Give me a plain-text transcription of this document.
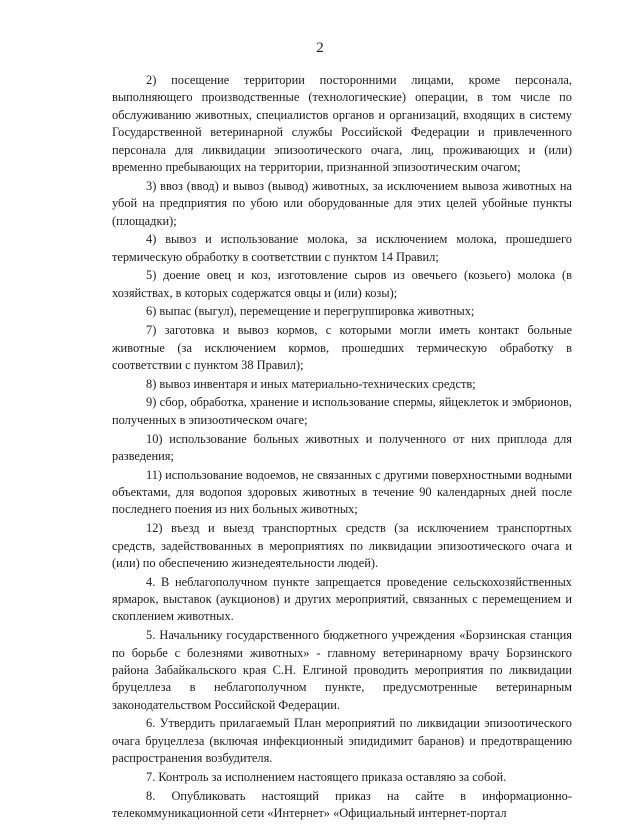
2

2) посещение территории посторонними лицами, кроме персонала, выполняющего производственные (технологические) операции, в том числе по обслуживанию животных, специалистов органов и организаций, входящих в систему Государственной ветеринарной службы Российской Федерации и привлеченного персонала для ликвидации эпизоотического очага, лиц, проживающих и (или) временно пребывающих на территории, признанной эпизоотическим очагом;

3) ввоз (ввод) и вывоз (вывод) животных, за исключением вывоза животных на убой на предприятия по убою или оборудованные для этих целей убойные пункты (площадки);

4) вывоз и использование молока, за исключением молока, прошедшего термическую обработку в соответствии с пунктом 14 Правил;

5) доение овец и коз, изготовление сыров из овечьего (козьего) молока (в хозяйствах, в которых содержатся овцы и (или) козы);

6) выпас (выгул), перемещение и перегруппировка животных;

7) заготовка и вывоз кормов, с которыми могли иметь контакт больные животные (за исключением кормов, прошедших термическую обработку в соответствии с пунктом 38 Правил);

8) вывоз инвентаря и иных материально-технических средств;

9) сбор, обработка, хранение и использование спермы, яйцеклеток и эмбрионов, полученных в эпизоотическом очаге;

10) использование больных животных и полученного от них приплода для разведения;

11) использование водоемов, не связанных с другими поверхностными водными объектами, для водопоя здоровых животных в течение 90 календарных дней после последнего поения из них больных животных;

12) въезд и выезд транспортных средств (за исключением транспортных средств, задействованных в мероприятиях по ликвидации эпизоотического очага и (или) по обеспечению жизнедеятельности людей).

4. В неблагополучном пункте запрещается проведение сельскохозяйственных ярмарок, выставок (аукционов) и других мероприятий, связанных с перемещением и скоплением животных.

5. Начальнику государственного бюджетного учреждения «Борзинская станция по борьбе с болезнями животных» - главному ветеринарному врачу Борзинского района Забайкальского края С.Н. Елгиной проводить мероприятия по ликвидации бруцеллеза в неблагополучном пункте, предусмотренные ветеринарным законодательством Российской Федерации.

6. Утвердить прилагаемый План мероприятий по ликвидации эпизоотического очага бруцеллеза (включая инфекционный эпидидимит баранов) и предотвращению распространения возбудителя.

7. Контроль за исполнением настоящего приказа оставляю за собой.

8. Опубликовать настоящий приказ на сайте в информационно-телекоммуникационной сети «Интернет» «Официальный интернет-портал
